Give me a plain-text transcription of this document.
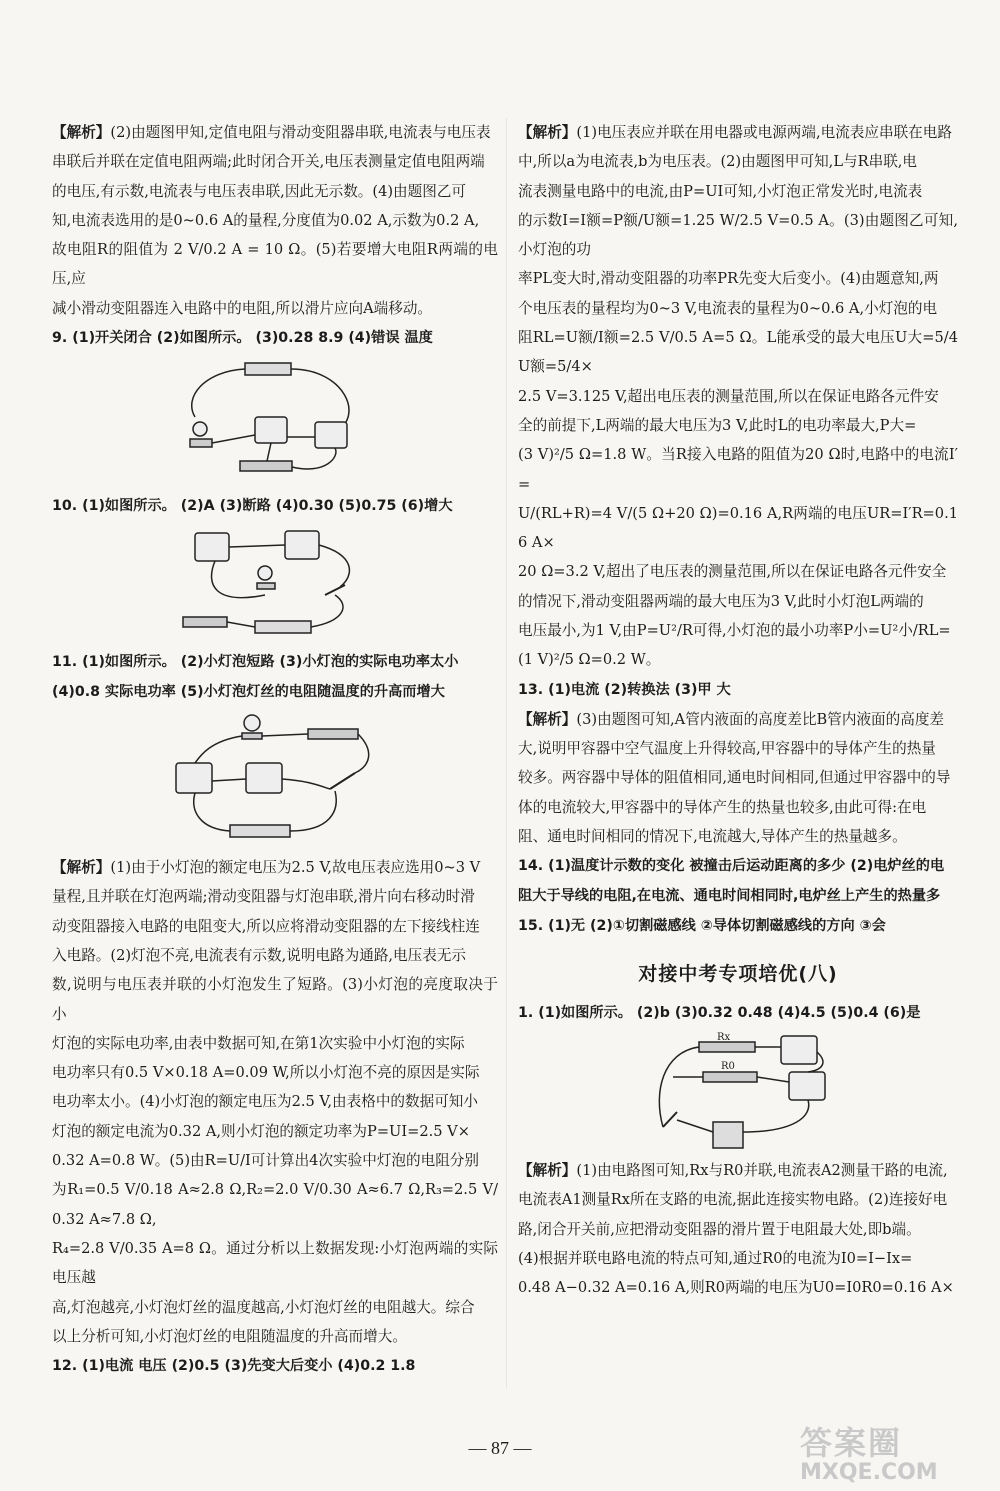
【解析】(2)由题图甲知,定值电阻与滑动变阻器串联,电流表与电压表
串联后并联在定值电阻两端;此时闭合开关,电压表测量定值电阻两端
的电压,有示数,电流表与电压表串联,因此无示数。(4)由题图乙可
知,电流表选用的是0~0.6 A的量程,分度值为0.02 A,示数为0.2 A,
故电阻R的阻值为 2 V/0.2 A = 10 Ω。(5)若要增大电阻R两端的电压,应
减小滑动变阻器连入电路中的电阻,所以滑片应向A端移动。
9. (1)开关闭合 (2)如图所示。 (3)0.28 8.9 (4)错误 温度
10. (1)如图所示。 (2)A (3)断路 (4)0.30 (5)0.75 (6)增大
11. (1)如图所示。 (2)小灯泡短路 (3)小灯泡的实际电功率太小
(4)0.8 实际电功率 (5)小灯泡灯丝的电阻随温度的升高而增大
【解析】(1)由于小灯泡的额定电压为2.5 V,故电压表应选用0~3 V
量程,且并联在灯泡两端;滑动变阻器与灯泡串联,滑片向右移动时滑
动变阻器接入电路的电阻变大,所以应将滑动变阻器的左下接线柱连
入电路。(2)灯泡不亮,电流表有示数,说明电路为通路,电压表无示
数,说明与电压表并联的小灯泡发生了短路。(3)小灯泡的亮度取决于小
灯泡的实际电功率,由表中数据可知,在第1次实验中小灯泡的实际
电功率只有0.5 V×0.18 A=0.09 W,所以小灯泡不亮的原因是实际
电功率太小。(4)小灯泡的额定电压为2.5 V,由表格中的数据可知小
灯泡的额定电流为0.32 A,则小灯泡的额定功率为P=UI=2.5 V×
0.32 A=0.8 W。(5)由R=U/I可计算出4次实验中灯泡的电阻分别
为R₁=0.5 V/0.18 A≈2.8 Ω,R₂=2.0 V/0.30 A≈6.7 Ω,R₃=2.5 V/0.32 A≈7.8 Ω,
R₄=2.8 V/0.35 A=8 Ω。通过分析以上数据发现:小灯泡两端的实际电压越
高,灯泡越亮,小灯泡灯丝的温度越高,小灯泡灯丝的电阻越大。综合
以上分析可知,小灯泡灯丝的电阻随温度的升高而增大。
12. (1)电流 电压 (2)0.5 (3)先变大后变小 (4)0.2 1.8
【解析】(1)电压表应并联在用电器或电源两端,电流表应串联在电路
中,所以a为电流表,b为电压表。(2)由题图甲可知,L与R串联,电
流表测量电路中的电流,由P=UI可知,小灯泡正常发光时,电流表
的示数I=I额=P额/U额=1.25 W/2.5 V=0.5 A。(3)由题图乙可知,小灯泡的功
率PL变大时,滑动变阻器的功率PR先变大后变小。(4)由题意知,两
个电压表的量程均为0~3 V,电流表的量程为0~0.6 A,小灯泡的电
阻RL=U额/I额=2.5 V/0.5 A=5 Ω。L能承受的最大电压U大=5/4U额=5/4×
2.5 V=3.125 V,超出电压表的测量范围,所以在保证电路各元件安
全的前提下,L两端的最大电压为3 V,此时L的电功率最大,P大=
(3 V)²/5 Ω=1.8 W。当R接入电路的阻值为20 Ω时,电路中的电流I′=
U/(RL+R)=4 V/(5 Ω+20 Ω)=0.16 A,R两端的电压UR=I′R=0.16 A×
20 Ω=3.2 V,超出了电压表的测量范围,所以在保证电路各元件安全
的情况下,滑动变阻器两端的最大电压为3 V,此时小灯泡L两端的
电压最小,为1 V,由P=U²/R可得,小灯泡的最小功率P小=U²小/RL=
(1 V)²/5 Ω=0.2 W。
13. (1)电流 (2)转换法 (3)甲 大
【解析】(3)由题图可知,A管内液面的高度差比B管内液面的高度差
大,说明甲容器中空气温度上升得较高,甲容器中的导体产生的热量
较多。两容器中导体的阻值相同,通电时间相同,但通过甲容器中的导
体的电流较大,甲容器中的导体产生的热量也较多,由此可得:在电
阻、通电时间相同的情况下,电流越大,导体产生的热量越多。
14. (1)温度计示数的变化 被撞击后运动距离的多少 (2)电炉丝的电
阻大于导线的电阻,在电流、通电时间相同时,电炉丝上产生的热量多
15. (1)无 (2)①切割磁感线 ②导体切割磁感线的方向 ③会
对接中考专项培优(八)
1. (1)如图所示。 (2)b (3)0.32 0.48 (4)4.5 (5)0.4 (6)是
Rx
R0
【解析】(1)由电路图可知,Rx与R0并联,电流表A2测量干路的电流,
电流表A1测量Rx所在支路的电流,据此连接实物电路。(2)连接好电
路,闭合开关前,应把滑动变阻器的滑片置于电阻最大处,即b端。
(4)根据并联电路电流的特点可知,通过R0的电流为I0=I−Ix=
0.48 A−0.32 A=0.16 A,则R0两端的电压为U0=I0R0=0.16 A×
— 87 —	答案圈
MXQE.COM
